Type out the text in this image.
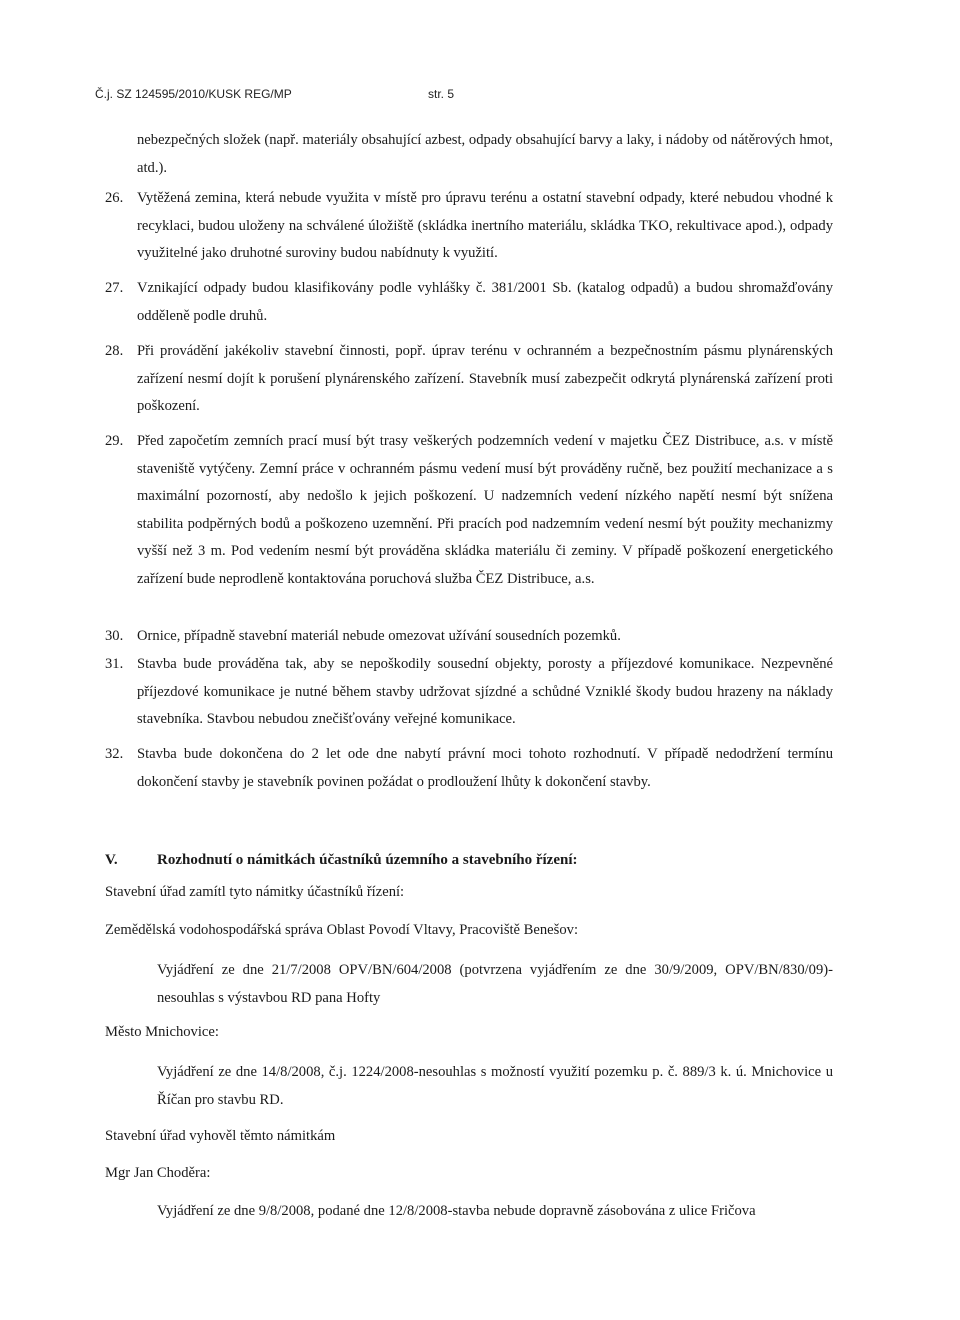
Č.j. SZ 124595/2010/KUSK REG/MP	str. 5
nebezpečných složek (např. materiály obsahující azbest, odpady obsahující barvy a laky, i nádoby od nátěrových hmot, atd.).
26. Vytěžená zemina, která nebude využita v místě pro úpravu terénu a ostatní stavební odpady, které nebudou vhodné k recyklaci, budou uloženy na schválené úložiště (skládka inertního materiálu, skládka TKO, rekultivace apod.), odpady využitelné jako druhotné suroviny budou nabídnuty k využití.
27. Vznikající odpady budou klasifikovány podle vyhlášky č. 381/2001 Sb. (katalog odpadů) a budou shromažďovány odděleně podle druhů.
28. Při provádění jakékoliv stavební činnosti, popř. úprav terénu v ochranném a bezpečnostním pásmu plynárenských zařízení nesmí dojít k porušení plynárenského zařízení. Stavebník musí zabezpečit odkrytá plynárenská zařízení proti poškození.
29. Před započetím zemních prací musí být trasy veškerých podzemních vedení v majetku ČEZ Distribuce, a.s. v místě staveniště vytýčeny. Zemní práce v ochranném pásmu vedení musí být prováděny ručně, bez použití mechanizace a s maximální pozorností, aby nedošlo k jejich poškození. U nadzemních vedení nízkého napětí nesmí být snížena stabilita podpěrných bodů a poškozeno uzemnění. Při pracích pod nadzemním vedení nesmí být použity mechanizmy vyšší než 3 m. Pod vedením nesmí být prováděna skládka materiálu či zeminy. V případě poškození energetického zařízení bude neprodleně kontaktována poruchová služba ČEZ Distribuce, a.s.
30. Ornice, případně stavební materiál nebude omezovat užívání sousedních pozemků.
31. Stavba bude prováděna tak, aby se nepoškodily sousední objekty, porosty a příjezdové komunikace. Nezpevněné příjezdové komunikace je nutné během stavby udržovat sjízdné a schůdné Vzniklé škody budou hrazeny na náklady stavebníka. Stavbou nebudou znečišťovány veřejné komunikace.
32. Stavba bude dokončena do 2 let ode dne nabytí právní moci tohoto rozhodnutí. V případě nedodržení termínu dokončení stavby je stavebník povinen požádat o prodloužení lhůty k dokončení stavby.
V.	Rozhodnutí o námitkách účastníků územního a stavebního řízení:
Stavební úřad zamítl tyto námitky účastníků řízení:
Zemědělská vodohospodářská správa Oblast Povodí Vltavy, Pracoviště Benešov:
Vyjádření ze dne 21/7/2008 OPV/BN/604/2008 (potvrzena vyjádřením ze dne 30/9/2009, OPV/BN/830/09)-nesouhlas s výstavbou RD pana Hofty
Město Mnichovice:
Vyjádření ze dne 14/8/2008, č.j. 1224/2008-nesouhlas s možností využití pozemku p. č. 889/3 k. ú. Mnichovice u Říčan pro stavbu RD.
Stavební úřad vyhověl těmto námitkám
Mgr Jan Choděra:
Vyjádření ze dne 9/8/2008, podané dne 12/8/2008-stavba nebude dopravně zásobována z ulice Fričova
